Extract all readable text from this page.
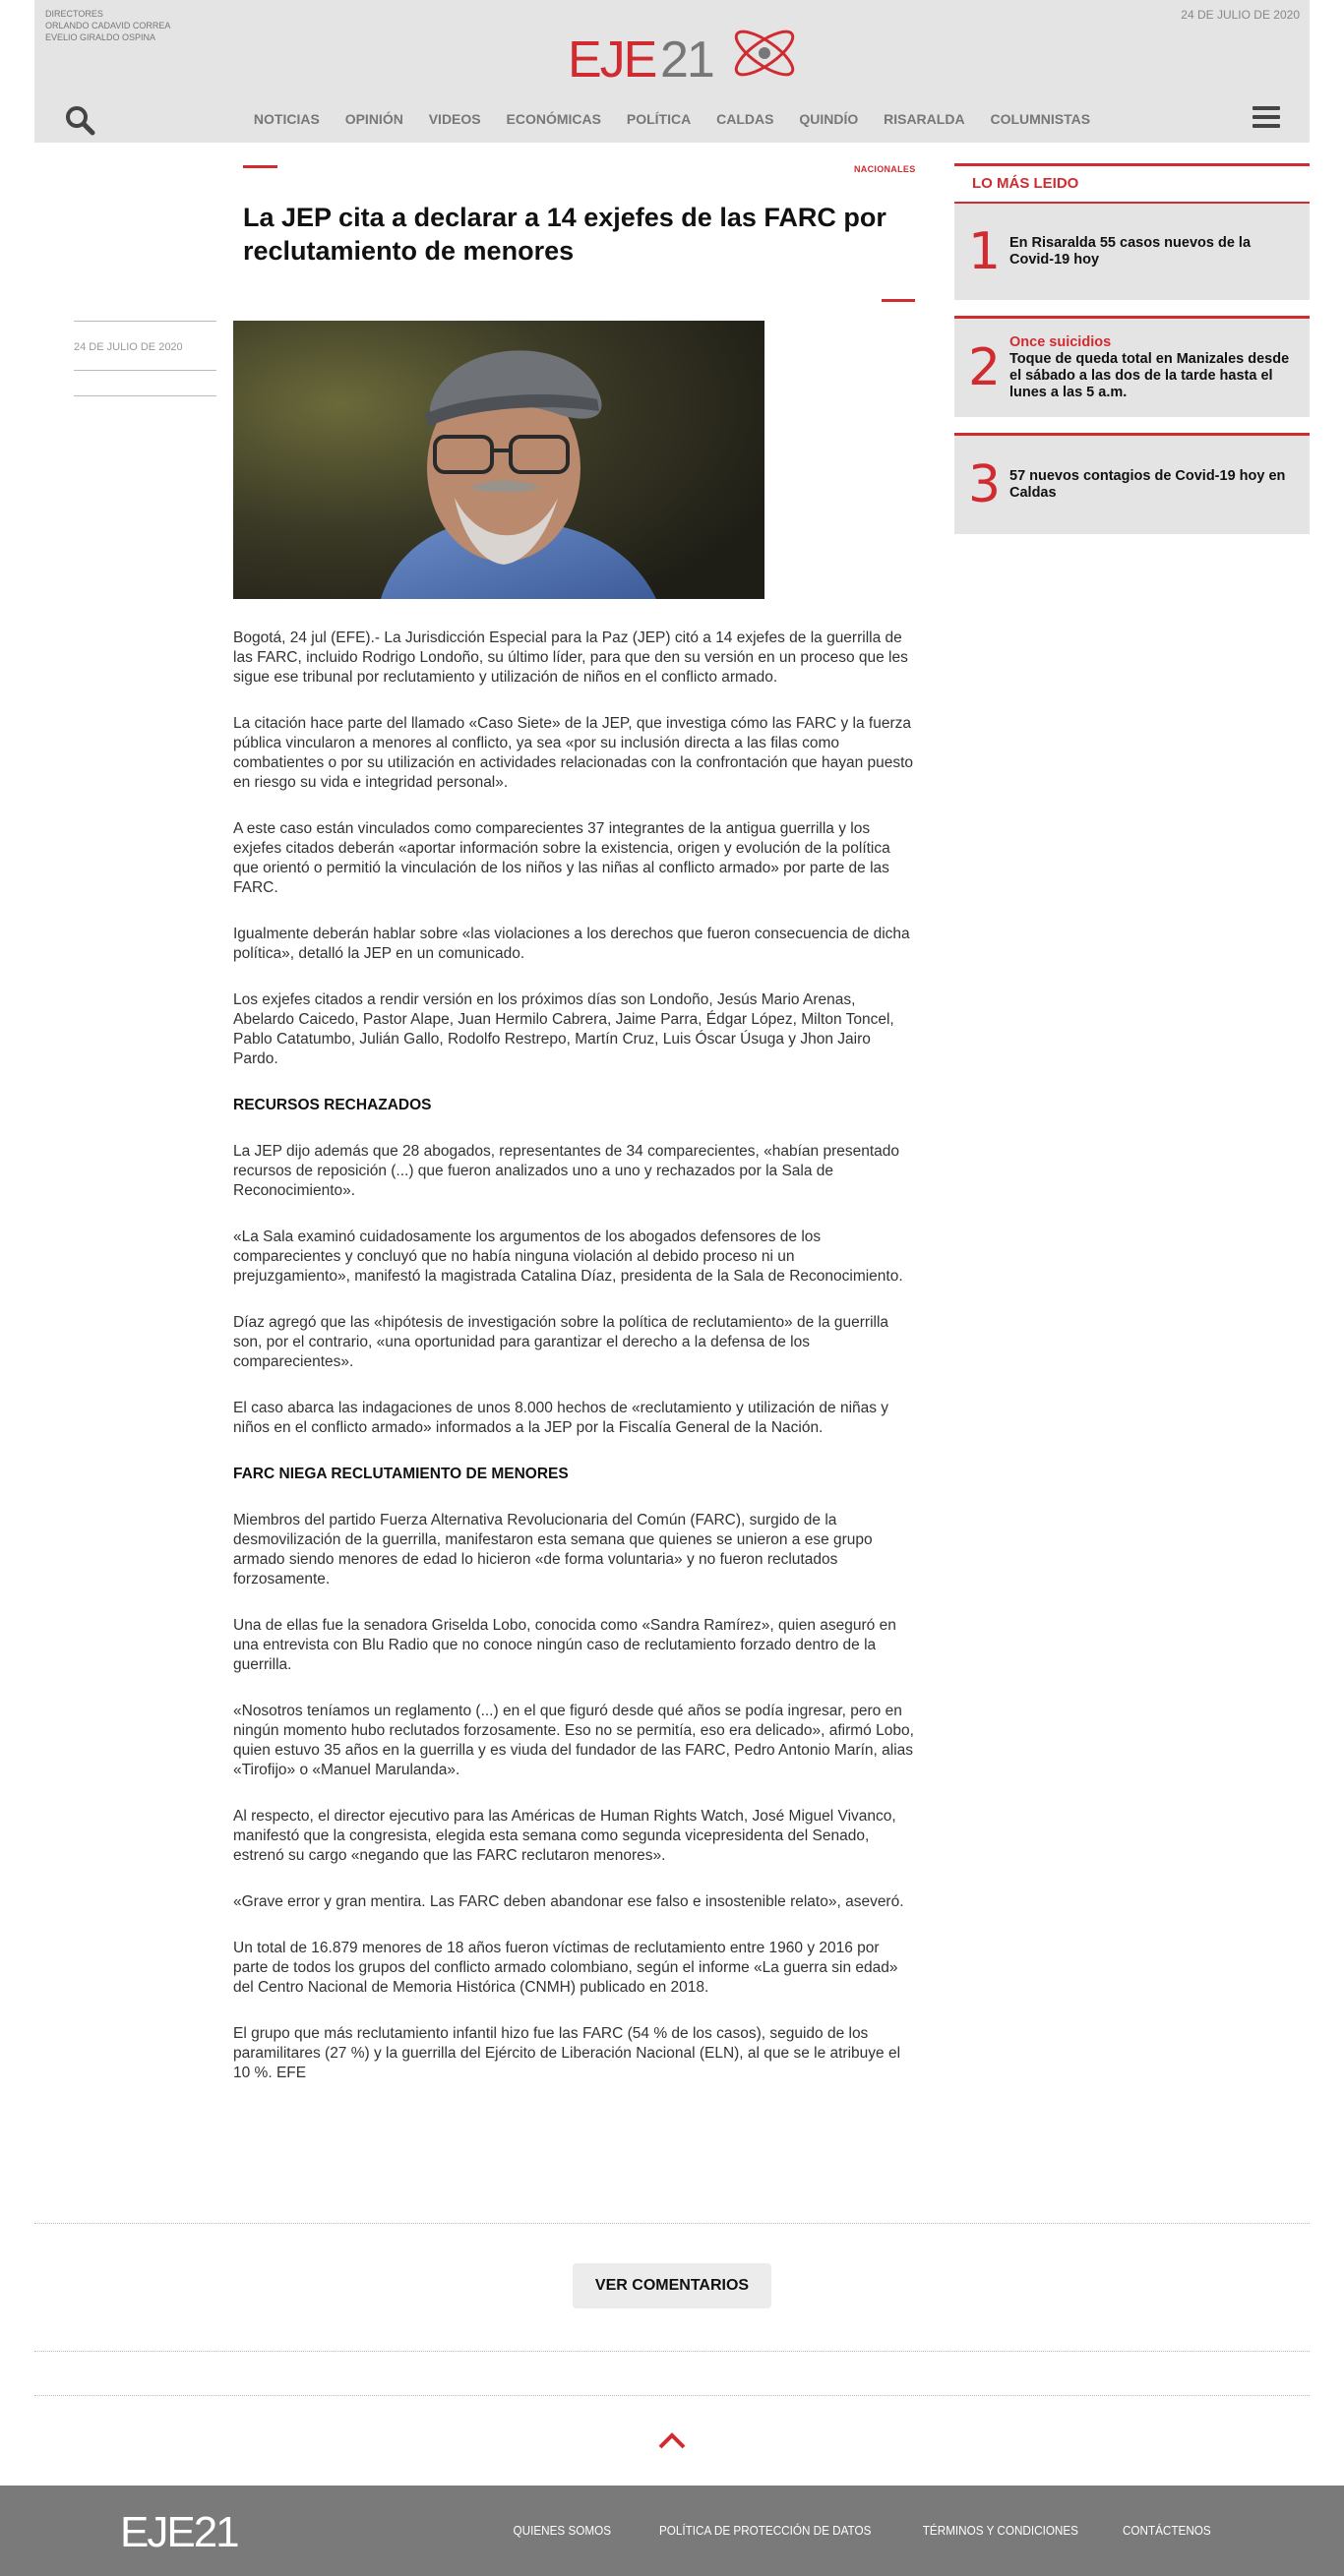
DIRECTORES
ORLANDO CADAVID CORREA
EVELIO GIRALDO OSPINA
24 DE JULIO DE 2020
EJE 21
NOTICIAS OPINIÓN VIDEOS ECONÓMICAS POLÍTICA CALDAS QUINDÍO RISARALDA COLUMNISTAS
NACIONALES
La JEP cita a declarar a 14 exjefes de las FARC por reclutamiento de menores
24 DE JULIO DE 2020

Bogotá, 24 jul (EFE).- La Jurisdicción Especial para la Paz (JEP) citó a 14 exjefes de la guerrilla de las FARC, incluido Rodrigo Londoño, su último líder, para que den su versión en un proceso que les sigue ese tribunal por reclutamiento y utilización de niños en el conflicto armado.

La citación hace parte del llamado «Caso Siete» de la JEP, que investiga cómo las FARC y la fuerza pública vincularon a menores al conflicto, ya sea «por su inclusión directa a las filas como combatientes o por su utilización en actividades relacionadas con la confrontación que hayan puesto en riesgo su vida e integridad personal».

A este caso están vinculados como comparecientes 37 integrantes de la antigua guerrilla y los exjefes citados deberán «aportar información sobre la existencia, origen y evolución de la política que orientó o permitió la vinculación de los niños y las niñas al conflicto armado» por parte de las FARC.

Igualmente deberán hablar sobre «las violaciones a los derechos que fueron consecuencia de dicha política», detalló la JEP en un comunicado.

Los exjefes citados a rendir versión en los próximos días son Londoño, Jesús Mario Arenas, Abelardo Caicedo, Pastor Alape, Juan Hermilo Cabrera, Jaime Parra, Édgar López, Milton Toncel, Pablo Catatumbo, Julián Gallo, Rodolfo Restrepo, Martín Cruz, Luis Óscar Úsuga y Jhon Jairo Pardo.

RECURSOS RECHAZADOS

La JEP dijo además que 28 abogados, representantes de 34 comparecientes, «habían presentado recursos de reposición (...) que fueron analizados uno a uno y rechazados por la Sala de Reconocimiento».

«La Sala examinó cuidadosamente los argumentos de los abogados defensores de los comparecientes y concluyó que no había ninguna violación al debido proceso ni un prejuzgamiento», manifestó la magistrada Catalina Díaz, presidenta de la Sala de Reconocimiento.

Díaz agregó que las «hipótesis de investigación sobre la política de reclutamiento» de la guerrilla son, por el contrario, «una oportunidad para garantizar el derecho a la defensa de los comparecientes».

El caso abarca las indagaciones de unos 8.000 hechos de «reclutamiento y utilización de niñas y niños en el conflicto armado» informados a la JEP por la Fiscalía General de la Nación.

FARC NIEGA RECLUTAMIENTO DE MENORES

Miembros del partido Fuerza Alternativa Revolucionaria del Común (FARC), surgido de la desmovilización de la guerrilla, manifestaron esta semana que quienes se unieron a ese grupo armado siendo menores de edad lo hicieron «de forma voluntaria» y no fueron reclutados forzosamente.

Una de ellas fue la senadora Griselda Lobo, conocida como «Sandra Ramírez», quien aseguró en una entrevista con Blu Radio que no conoce ningún caso de reclutamiento forzado dentro de la guerrilla.

«Nosotros teníamos un reglamento (...) en el que figuró desde qué años se podía ingresar, pero en ningún momento hubo reclutados forzosamente. Eso no se permitía, eso era delicado», afirmó Lobo, quien estuvo 35 años en la guerrilla y es viuda del fundador de las FARC, Pedro Antonio Marín, alias «Tirofijo» o «Manuel Marulanda».

Al respecto, el director ejecutivo para las Américas de Human Rights Watch, José Miguel Vivanco, manifestó que la congresista, elegida esta semana como segunda vicepresidenta del Senado, estrenó su cargo «negando que las FARC reclutaron menores».

«Grave error y gran mentira. Las FARC deben abandonar ese falso e insostenible relato», aseveró.

Un total de 16.879 menores de 18 años fueron víctimas de reclutamiento entre 1960 y 2016 por parte de todos los grupos del conflicto armado colombiano, según el informe «La guerra sin edad» del Centro Nacional de Memoria Histórica (CNMH) publicado en 2018.

El grupo que más reclutamiento infantil hizo fue las FARC (54 % de los casos), seguido de los paramilitares (27 %) y la guerrilla del Ejército de Liberación Nacional (ELN), al que se le atribuye el 10 %. EFE

LO MÁS LEIDO
1 En Risaralda 55 casos nuevos de la Covid-19 hoy
2 Once suicidios
Toque de queda total en Manizales desde el sábado a las dos de la tarde hasta el lunes a las 5 a.m.
3 57 nuevos contagios de Covid-19 hoy en Caldas
VER COMENTARIOS
EJE21	QUIENES SOMOS	POLÍTICA DE PROTECCIÓN DE DATOS	TÉRMINOS Y CONDICIONES	CONTÁCTENOS
